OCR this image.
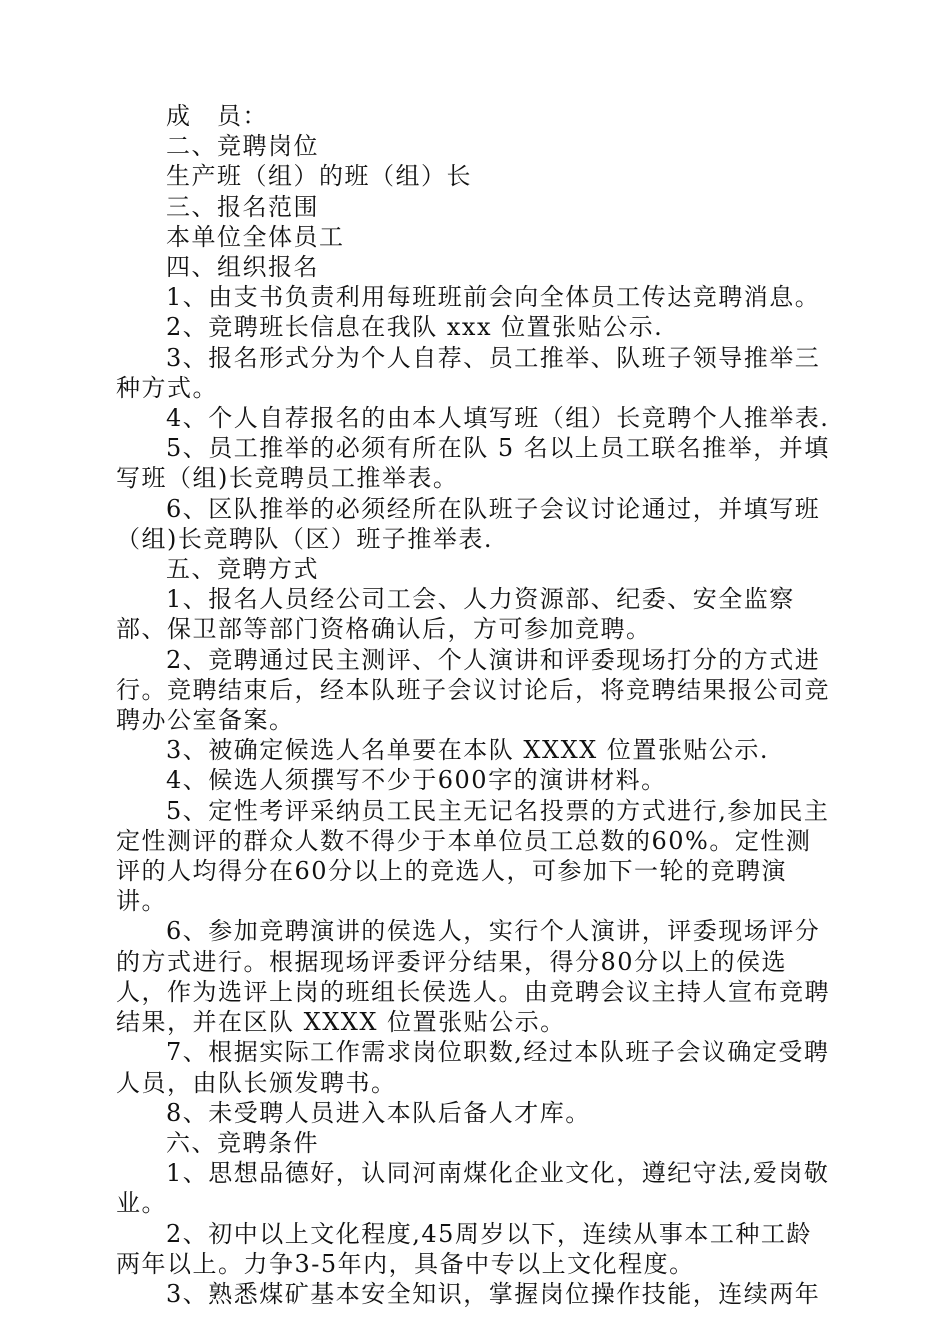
成　员：

二、竞聘岗位

生产班（组）的班（组）长

三、报名范围

本单位全体员工

四、组织报名

1、由支书负责利用每班班前会向全体员工传达竞聘消息。

2、竞聘班长信息在我队 xxx 位置张贴公示.

3、报名形式分为个人自荐、员工推举、队班子领导推举三种方式。

4、个人自荐报名的由本人填写班（组）长竞聘个人推举表.

5、员工推举的必须有所在队 5 名以上员工联名推举，并填写班（组)长竞聘员工推举表。

6、区队推举的必须经所在队班子会议讨论通过，并填写班（组)长竞聘队（区）班子推举表.

五、竞聘方式

1、报名人员经公司工会、人力资源部、纪委、安全监察部、保卫部等部门资格确认后，方可参加竞聘。

2、竞聘通过民主测评、个人演讲和评委现场打分的方式进行。竞聘结束后，经本队班子会议讨论后，将竞聘结果报公司竞聘办公室备案。

3、被确定候选人名单要在本队 XXXX 位置张贴公示.

4、候选人须撰写不少于600字的演讲材料。

5、定性考评采纳员工民主无记名投票的方式进行,参加民主定性测评的群众人数不得少于本单位员工总数的60%。定性测评的人均得分在60分以上的竞选人，可参加下一轮的竞聘演讲。

6、参加竞聘演讲的侯选人，实行个人演讲，评委现场评分的方式进行。根据现场评委评分结果，得分80分以上的侯选人，作为选评上岗的班组长侯选人。由竞聘会议主持人宣布竞聘结果，并在区队 XXXX 位置张贴公示。

7、根据实际工作需求岗位职数,经过本队班子会议确定受聘人员，由队长颁发聘书。

8、未受聘人员进入本队后备人才库。

六、竞聘条件

1、思想品德好，认同河南煤化企业文化，遵纪守法,爱岗敬业。

2、初中以上文化程度,45周岁以下，连续从事本工种工龄两年以上。力争3-5年内，具备中专以上文化程度。

3、熟悉煤矿基本安全知识，掌握岗位操作技能，连续两年
